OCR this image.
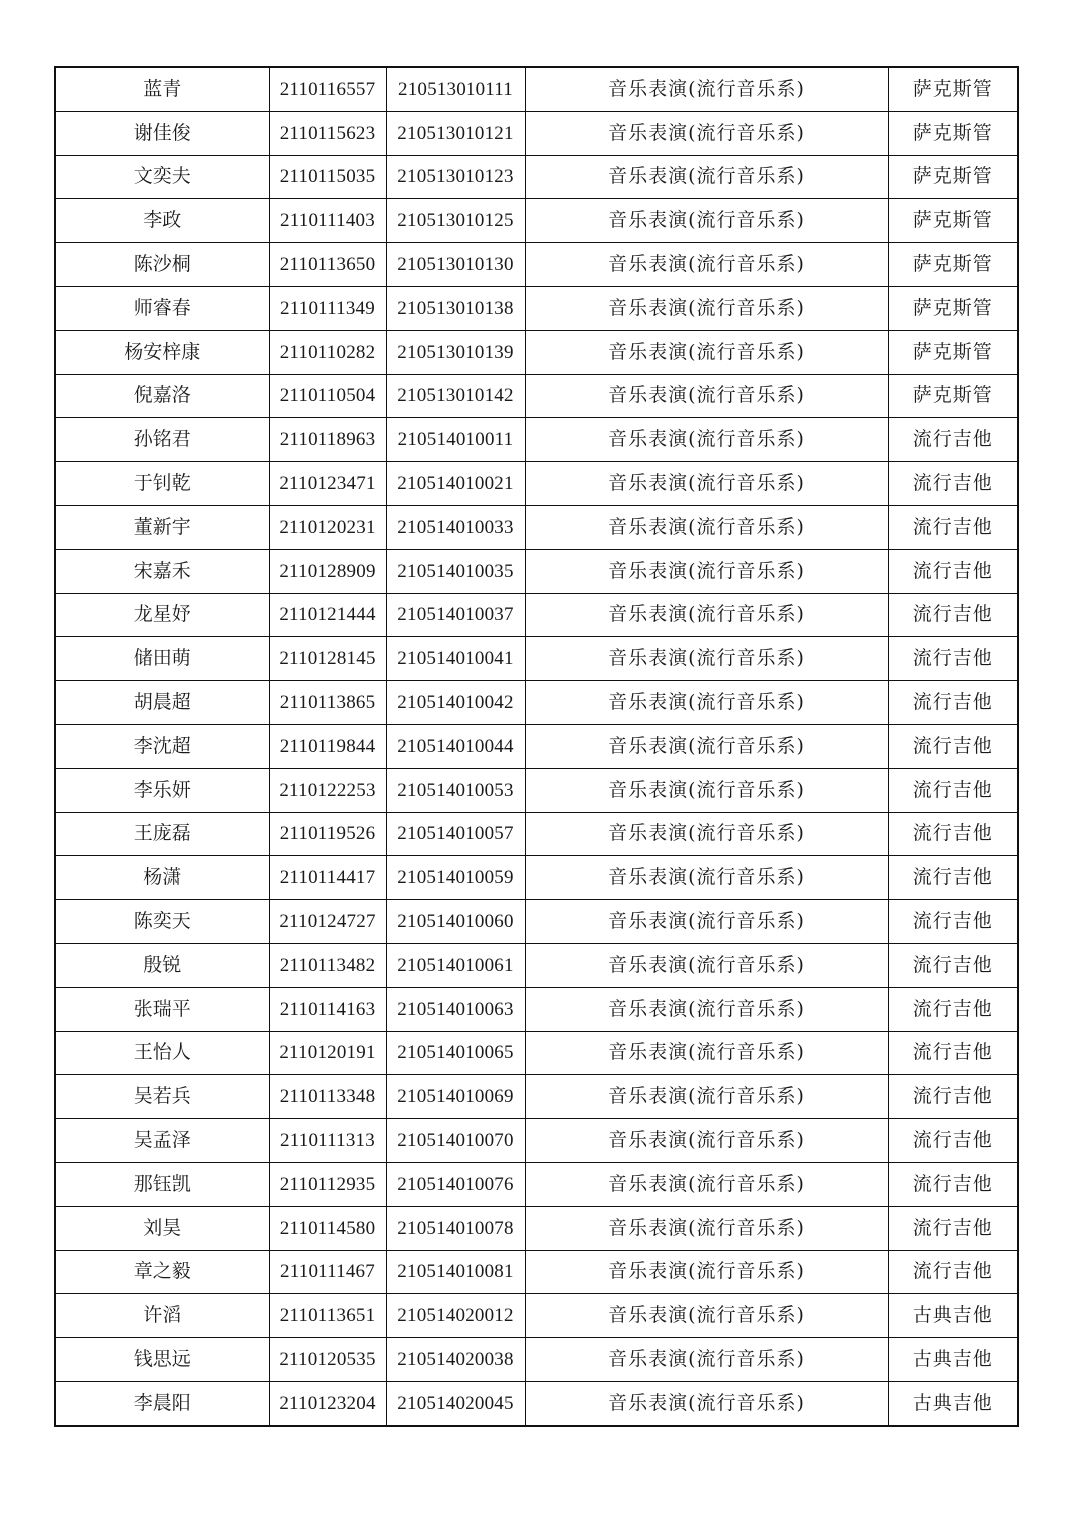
蓝青	2110116557	210513010111	音乐表演(流行音乐系)	萨克斯管
谢佳俊	2110115623	210513010121	音乐表演(流行音乐系)	萨克斯管
文奕夫	2110115035	210513010123	音乐表演(流行音乐系)	萨克斯管
李政	2110111403	210513010125	音乐表演(流行音乐系)	萨克斯管
陈沙桐	2110113650	210513010130	音乐表演(流行音乐系)	萨克斯管
师睿春	2110111349	210513010138	音乐表演(流行音乐系)	萨克斯管
杨安梓康	2110110282	210513010139	音乐表演(流行音乐系)	萨克斯管
倪嘉洛	2110110504	210513010142	音乐表演(流行音乐系)	萨克斯管
孙铭君	2110118963	210514010011	音乐表演(流行音乐系)	流行吉他
于钊乾	2110123471	210514010021	音乐表演(流行音乐系)	流行吉他
董新宇	2110120231	210514010033	音乐表演(流行音乐系)	流行吉他
宋嘉禾	2110128909	210514010035	音乐表演(流行音乐系)	流行吉他
龙星妤	2110121444	210514010037	音乐表演(流行音乐系)	流行吉他
储田萌	2110128145	210514010041	音乐表演(流行音乐系)	流行吉他
胡晨超	2110113865	210514010042	音乐表演(流行音乐系)	流行吉他
李沈超	2110119844	210514010044	音乐表演(流行音乐系)	流行吉他
李乐妍	2110122253	210514010053	音乐表演(流行音乐系)	流行吉他
王庞磊	2110119526	210514010057	音乐表演(流行音乐系)	流行吉他
杨潇	2110114417	210514010059	音乐表演(流行音乐系)	流行吉他
陈奕天	2110124727	210514010060	音乐表演(流行音乐系)	流行吉他
殷锐	2110113482	210514010061	音乐表演(流行音乐系)	流行吉他
张瑞平	2110114163	210514010063	音乐表演(流行音乐系)	流行吉他
王怡人	2110120191	210514010065	音乐表演(流行音乐系)	流行吉他
吴若兵	2110113348	210514010069	音乐表演(流行音乐系)	流行吉他
吴孟泽	2110111313	210514010070	音乐表演(流行音乐系)	流行吉他
那钰凯	2110112935	210514010076	音乐表演(流行音乐系)	流行吉他
刘昊	2110114580	210514010078	音乐表演(流行音乐系)	流行吉他
章之毅	2110111467	210514010081	音乐表演(流行音乐系)	流行吉他
许滔	2110113651	210514020012	音乐表演(流行音乐系)	古典吉他
钱思远	2110120535	210514020038	音乐表演(流行音乐系)	古典吉他
李晨阳	2110123204	210514020045	音乐表演(流行音乐系)	古典吉他
